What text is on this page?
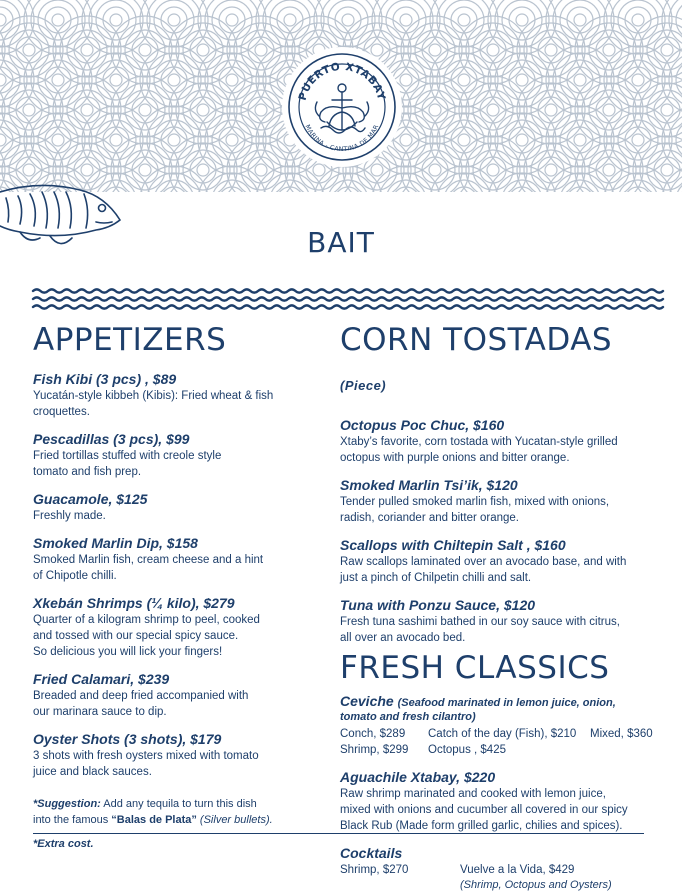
PUERTO XTABAY
MARINA - CANTINA DE MAR
BAIT
APPETIZERS
Fish Kibi (3 pcs) , $89
Yucatán-style kibbeh (Kibis): Fried wheat & fish
croquettes.
Pescadillas (3 pcs), $99
Fried tortillas stuffed with creole style
tomato and fish prep.
Guacamole, $125
Freshly made.
Smoked Marlin Dip, $158
Smoked Marlin fish, cream cheese and a hint
of Chipotle chilli.
Xkebán Shrimps (¼ kilo), $279
Quarter of a kilogram shrimp to peel, cooked
and tossed with our special spicy sauce.
So delicious you will lick your fingers!
Fried Calamari, $239
Breaded and deep fried accompanied with
our marinara sauce to dip.
Oyster Shots (3 shots), $179
3 shots with fresh oysters mixed with tomato
juice and black sauces.
*Suggestion: Add any tequila to turn this dish
into the famous “Balas de Plata” (Silver bullets).
CORN TOSTADAS (Piece)
Octopus Poc Chuc, $160
Xtaby’s favorite, corn tostada with Yucatan-style grilled
octopus with purple onions and bitter orange.
Smoked Marlin Tsi’ik, $120
Tender pulled smoked marlin fish, mixed with onions,
radish, coriander and bitter orange.
Scallops with Chiltepin Salt , $160
Raw scallops laminated over an avocado base, and with
just a pinch of Chilpetin chilli and salt.
Tuna with Ponzu Sauce, $120
Fresh tuna sashimi bathed in our soy sauce with citrus,
all over an avocado bed.
FRESH CLASSICS
Ceviche (Seafood marinated in lemon juice, onion,
tomato and fresh cilantro)
Conch, $289 Catch of the day (Fish), $210 Mixed, $360
Shrimp, $299 Octopus , $425
Aguachile Xtabay, $220
Raw shrimp marinated and cooked with lemon juice,
mixed with onions and cucumber all covered in our spicy
Black Rub (Made form grilled garlic, chilies and spices).
Cocktails
Shrimp, $270	Vuelve a la Vida, $429
(Shrimp, Octopus and Oysters)
*Extra cost.
